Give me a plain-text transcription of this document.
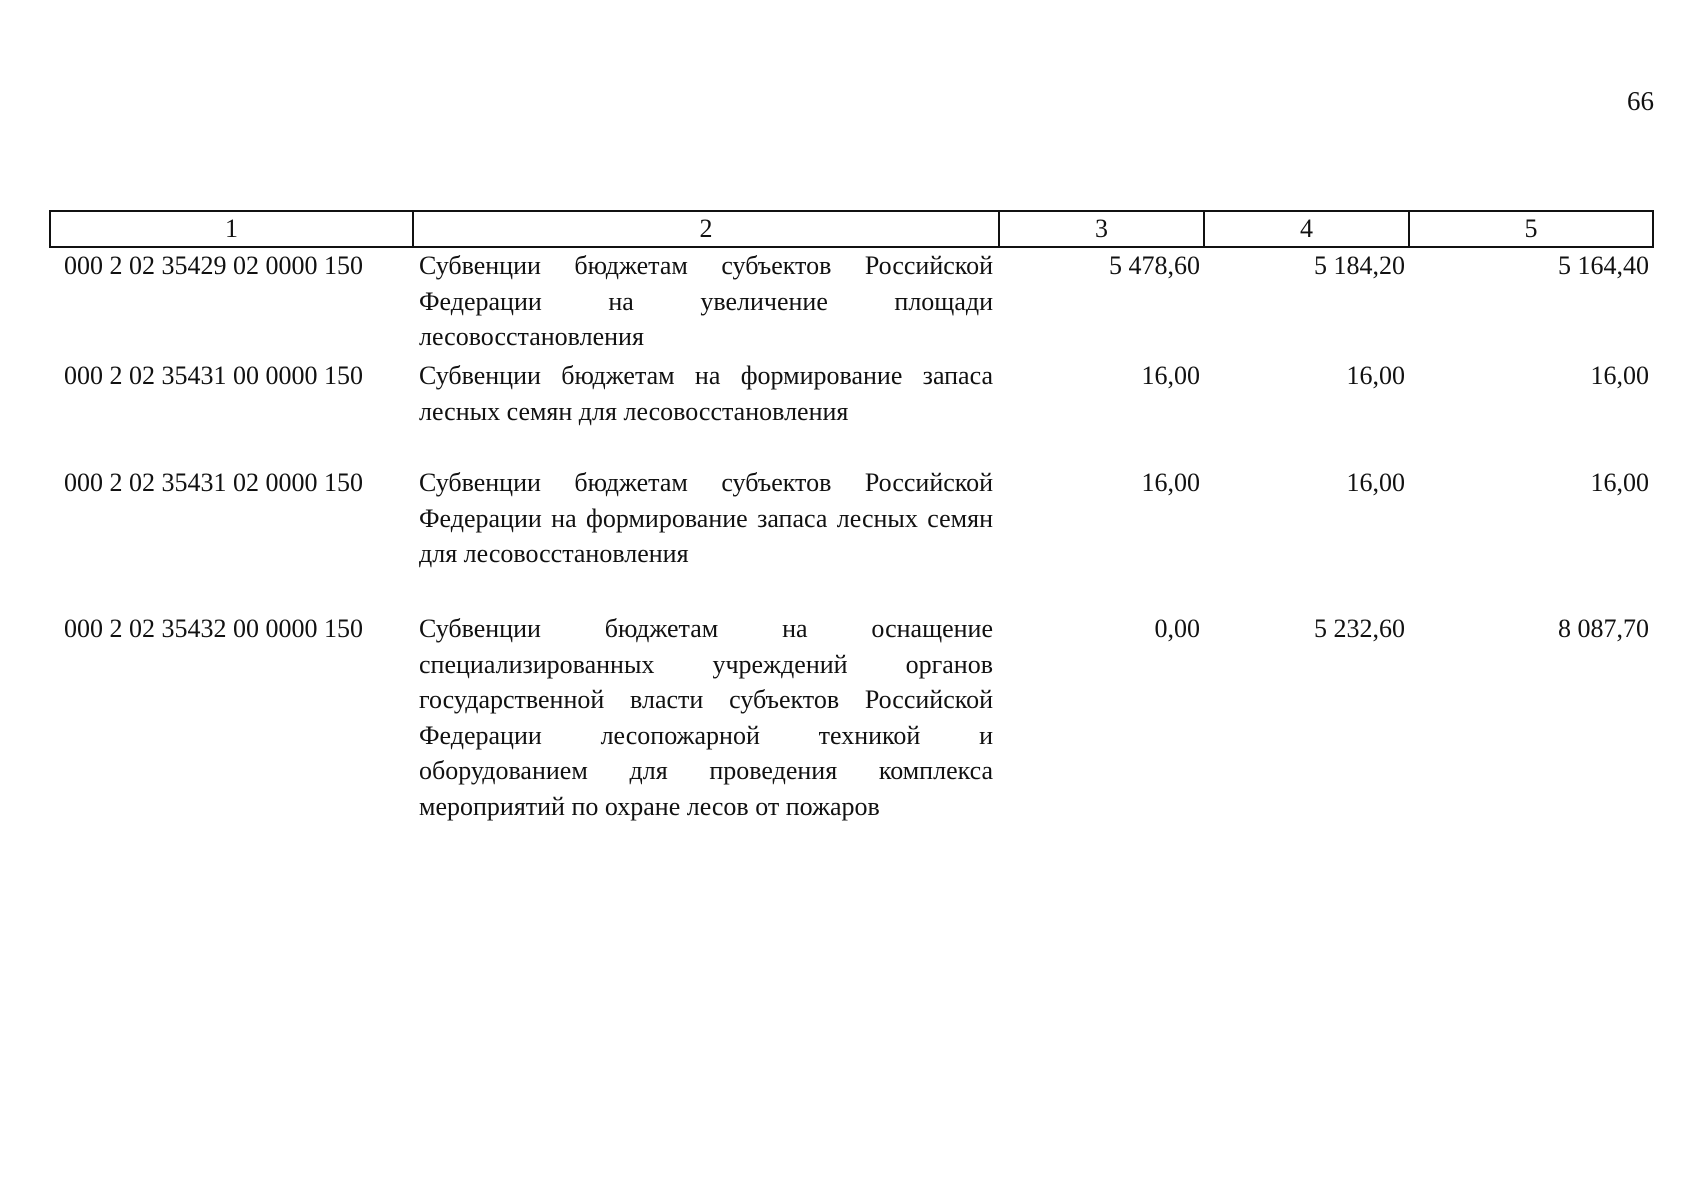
66
1	2	3	4	5
000 2 02 35429 02 0000 150	Субвенции бюджетам субъектов Российской Федерации на увеличение площади лесовосстановления	5 478,60	5 184,20	5 164,40
000 2 02 35431 00 0000 150	Субвенции бюджетам на формирование запаса лесных семян для лесовосстановления	16,00	16,00	16,00
000 2 02 35431 02 0000 150	Субвенции бюджетам субъектов Российской Федерации на формирование запаса лесных семян для лесовосстановления	16,00	16,00	16,00
000 2 02 35432 00 0000 150	Субвенции бюджетам на оснащение специализированных учреждений органов государственной власти субъектов Российской Федерации лесопожарной техникой и оборудованием для проведения комплекса мероприятий по охране лесов от пожаров	0,00	5 232,60	8 087,70
